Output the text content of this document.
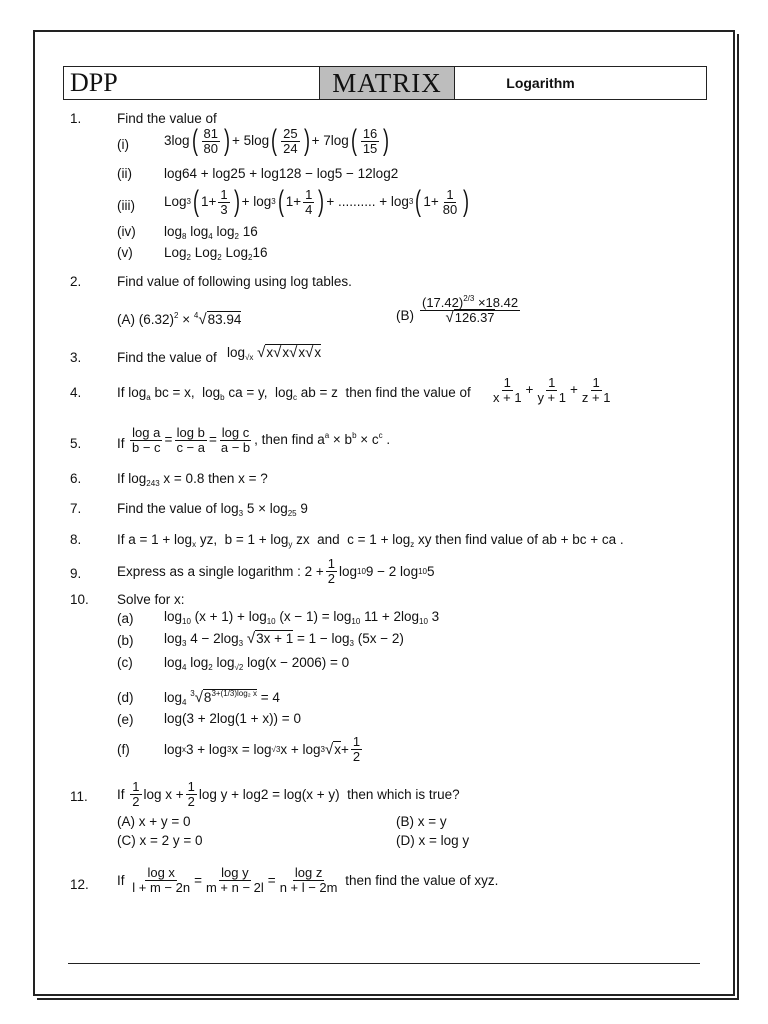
DPP	MATRIX	Logarithm
1.	Find the value of
(i)	3log ( $\frac{81}{80}$ ) + 5log ( $\frac{25}{24}$ ) + 7log ( $\frac{16}{15}$ )
(ii) log64 + log25 + log128 − log5 − 12log2
(iii) Log 3 ( $1+ \frac{1}{3}$ ) + log 3 ( $1+ \frac{1}{4}$ ) + .......... + log 3 ( $1+ \frac{1}{80}$ )
(iv) $\log_8 \log_4 \log_2 16$
(v) Log$_2$ Log$_2$ Log$_2$16
2.	Find value of following using log tables.
(A) $(6.32)^2 \times ^4√83.94$	$(B) \frac{(17.42)^{2/3} \times 18.42}{√126.37}$
3.	Find the value of $\log_{√x} √x√x√x√x$
4.	If $\log_a$ bc = x,  $\log_b$ ca = y,  $\log_c$ ab = z  then find the value of $\frac{1}{x + 1} + \frac{1}{y + 1} + \frac{1}{z + 1}$
5.	If $\frac{\text{log a}}{b - c} = \frac{\text{log b}}{c - a} = \frac{\text{log c}}{a - b}$ , then find $a^a \times b^b \times c^c$ .
6.	If $\log_{243} x = 0.8$ then x = ?
7.	Find the value of $\log_3 5 \times \log_{25} 9$
8.	If $a = 1 + \log_x$ yz,  $b = 1 + \log_y$ zx  and  $c = 1 + \log_z$ xy then find value of ab + bc + ca .
9.	Express as a single logarithm : $2 + \frac{1}{2}$ log 10 9 − 2 log 10 5
10. Solve for x:
(a) $\log_{10} (x + 1) + \log_{10} (x - 1) = \log_{10} 11 + 2\log_{10}$ 3
(b) $\log_3 4 - 2\log_3$ $√3x + 1 = 1 - \log_3 (5x - 2)$
(c) $\log_4 \log_2 \log_{√2} \log(x - 2006) = 0$
(d) $\log_4 ^3√8^{3+(1/3)log_2 x} = 4$
(e) log(3 + 2log(1 + x)) = 0
(f)	log x 3 + log 3 x = log √3 x + log 3 √ $x + \frac{1}{2}$
11. If
$\frac{1}{2}$ $\log x + \frac{1}{2}$ log y + log2 = log(x + y) then which is true?
(A) x + y = 0	(B) x = y
(C) x = 2 y = 0	(D) x = log y
12. If
$\frac{\text{log x}}{l + m - 2n} = \frac{\text{log y}}{m + n - 2l} = \frac{\text{log z}}{n + l - 2m}$
then find the value of xyz.
